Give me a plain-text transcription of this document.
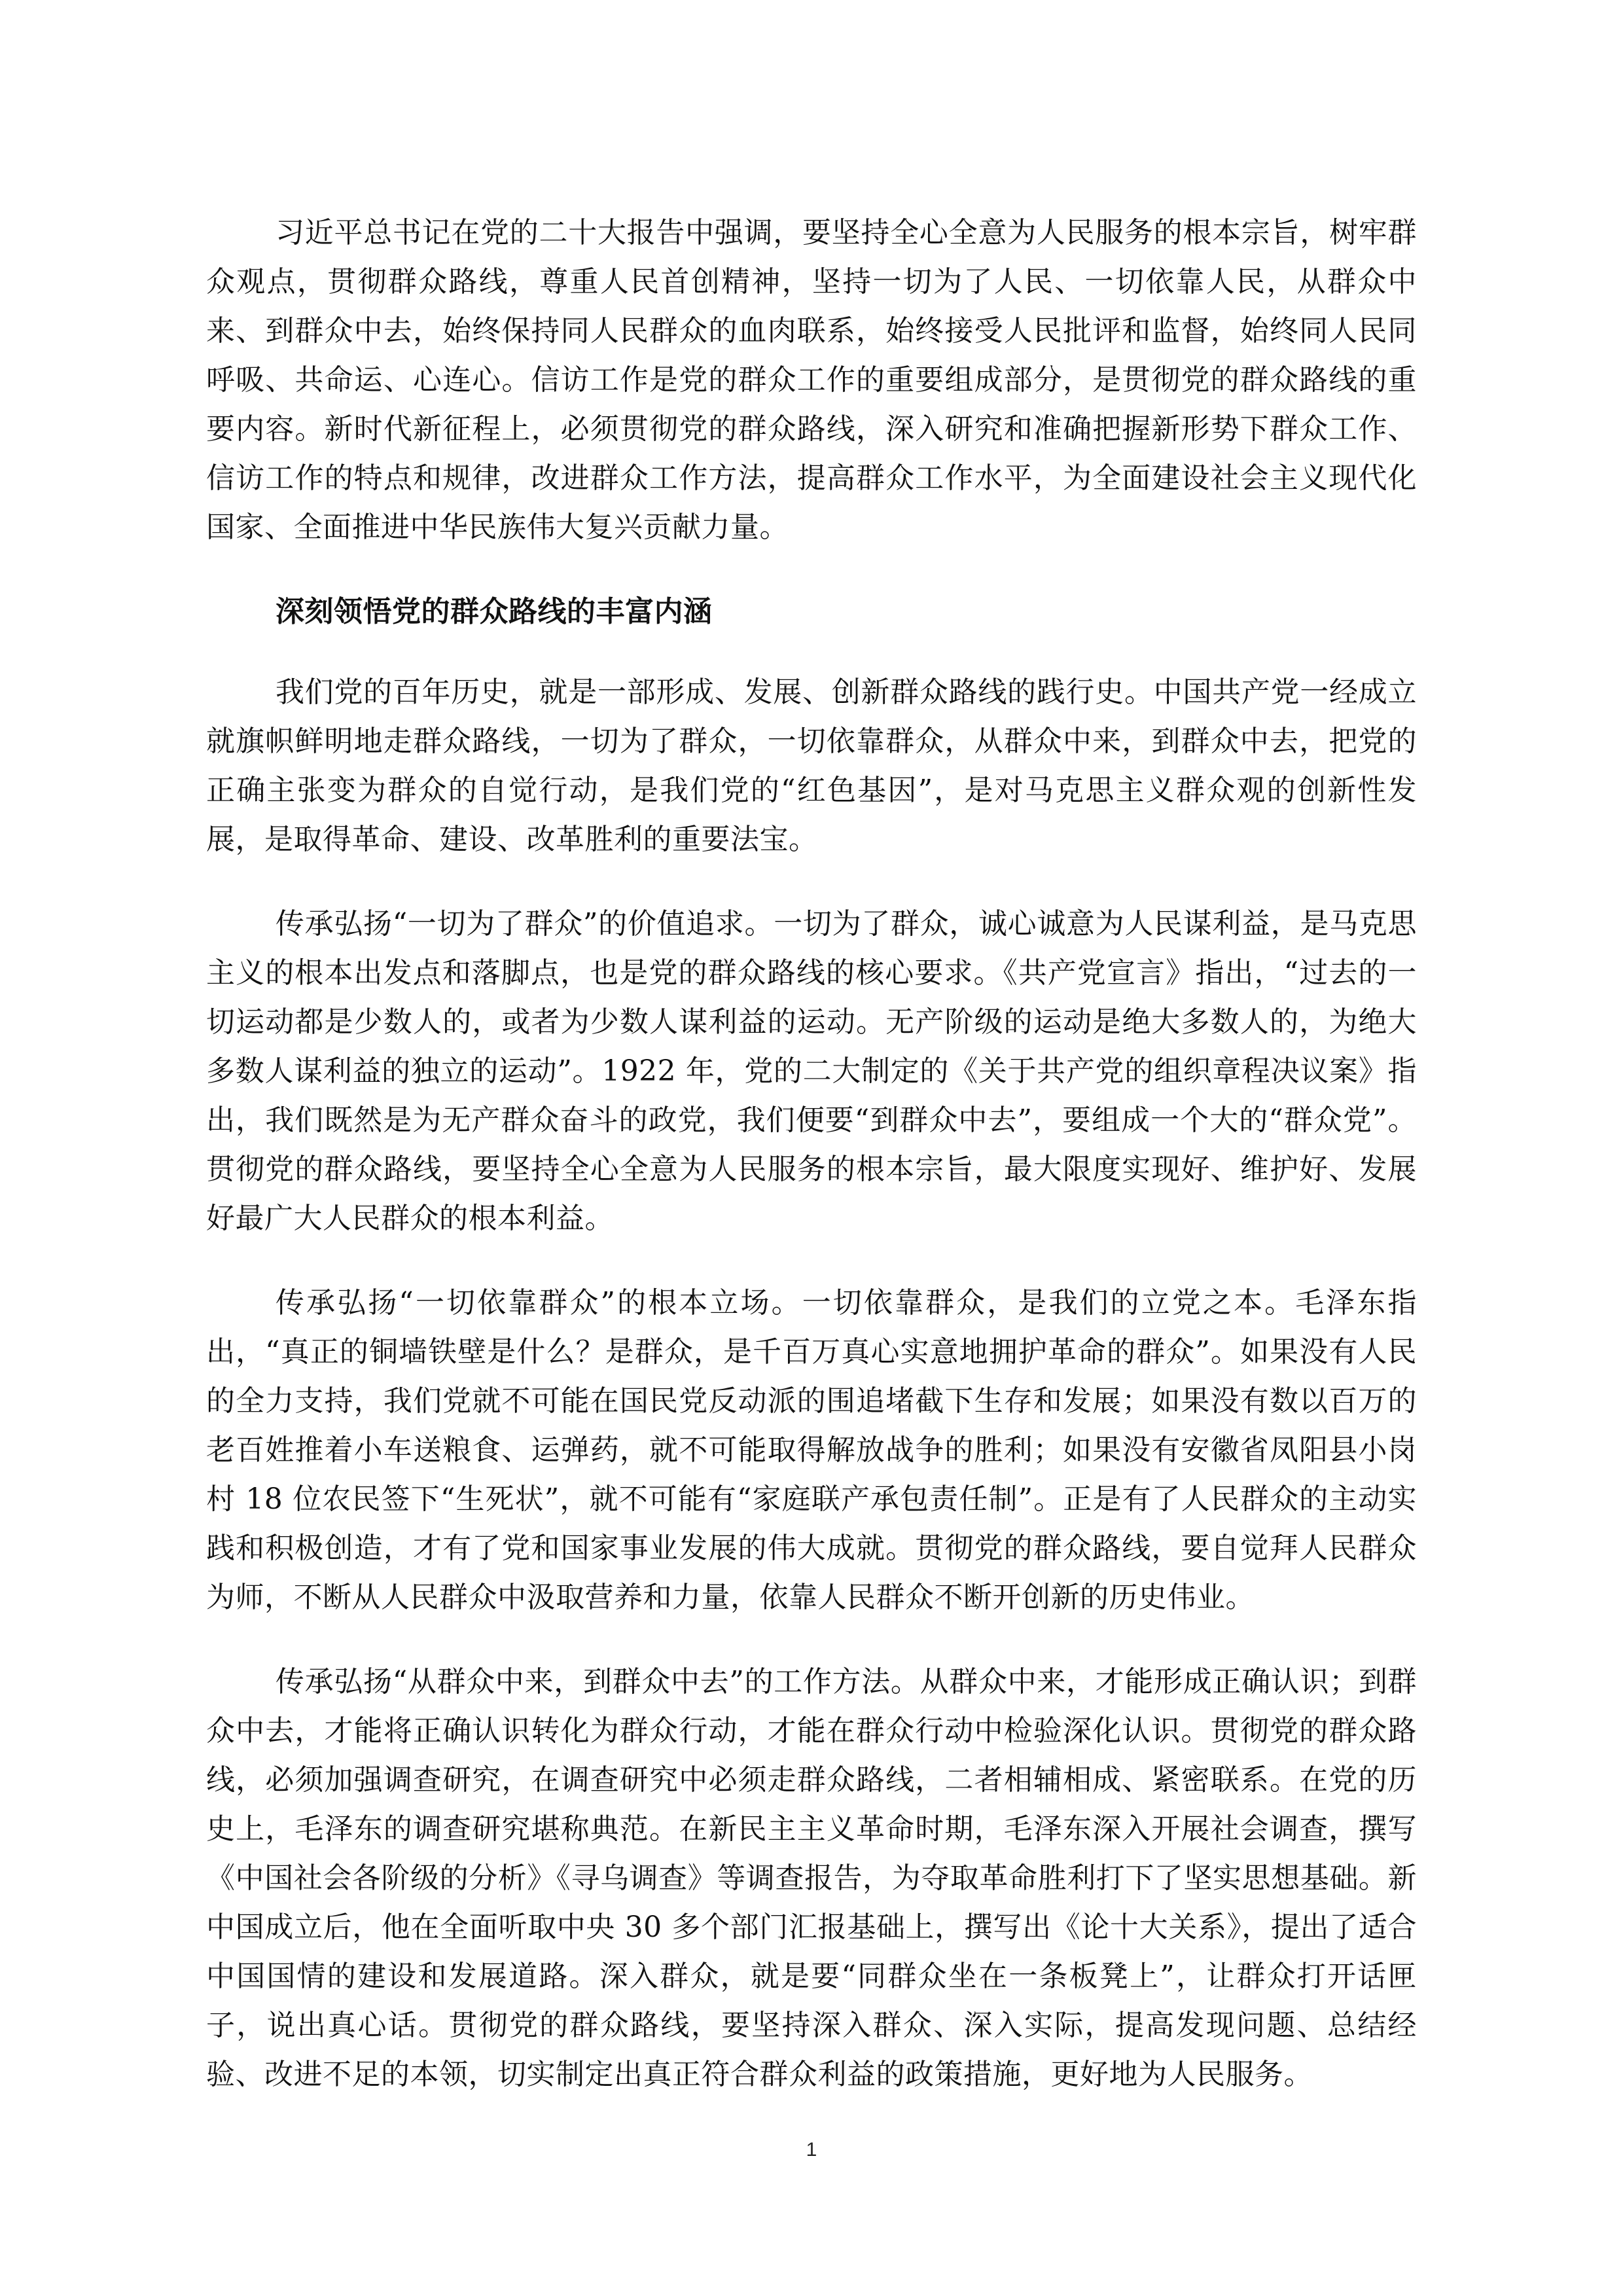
习近平总书记在党的二十大报告中强调，要坚持全心全意为人民服务的根本宗旨，树牢群众观点，贯彻群众路线，尊重人民首创精神，坚持一切为了人民、一切依靠人民，从群众中来、到群众中去，始终保持同人民群众的血肉联系，始终接受人民批评和监督，始终同人民同呼吸、共命运、心连心。信访工作是党的群众工作的重要组成部分，是贯彻党的群众路线的重要内容。新时代新征程上，必须贯彻党的群众路线，深入研究和准确把握新形势下群众工作、信访工作的特点和规律，改进群众工作方法，提高群众工作水平，为全面建设社会主义现代化国家、全面推进中华民族伟大复兴贡献力量。

深刻领悟党的群众路线的丰富内涵

我们党的百年历史，就是一部形成、发展、创新群众路线的践行史。中国共产党一经成立就旗帜鲜明地走群众路线，一切为了群众，一切依靠群众，从群众中来，到群众中去，把党的正确主张变为群众的自觉行动，是我们党的“红色基因”，是对马克思主义群众观的创新性发展，是取得革命、建设、改革胜利的重要法宝。

传承弘扬“一切为了群众”的价值追求。一切为了群众，诚心诚意为人民谋利益，是马克思主义的根本出发点和落脚点，也是党的群众路线的核心要求。《共产党宣言》指出，“过去的一切运动都是少数人的，或者为少数人谋利益的运动。无产阶级的运动是绝大多数人的，为绝大多数人谋利益的独立的运动”。1922 年，党的二大制定的《关于共产党的组织章程决议案》指出，我们既然是为无产群众奋斗的政党，我们便要“到群众中去”，要组成一个大的“群众党”。贯彻党的群众路线，要坚持全心全意为人民服务的根本宗旨，最大限度实现好、维护好、发展好最广大人民群众的根本利益。

传承弘扬“一切依靠群众”的根本立场。一切依靠群众，是我们的立党之本。毛泽东指出，“真正的铜墙铁壁是什么？是群众，是千百万真心实意地拥护革命的群众”。如果没有人民的全力支持，我们党就不可能在国民党反动派的围追堵截下生存和发展；如果没有数以百万的老百姓推着小车送粮食、运弹药，就不可能取得解放战争的胜利；如果没有安徽省凤阳县小岗村 18 位农民签下“生死状”，就不可能有“家庭联产承包责任制”。正是有了人民群众的主动实践和积极创造，才有了党和国家事业发展的伟大成就。贯彻党的群众路线，要自觉拜人民群众为师，不断从人民群众中汲取营养和力量，依靠人民群众不断开创新的历史伟业。

传承弘扬“从群众中来，到群众中去”的工作方法。从群众中来，才能形成正确认识；到群众中去，才能将正确认识转化为群众行动，才能在群众行动中检验深化认识。贯彻党的群众路线，必须加强调查研究，在调查研究中必须走群众路线，二者相辅相成、紧密联系。在党的历史上，毛泽东的调查研究堪称典范。在新民主主义革命时期，毛泽东深入开展社会调查，撰写《中国社会各阶级的分析》《寻乌调查》等调查报告，为夺取革命胜利打下了坚实思想基础。新中国成立后，他在全面听取中央 30 多个部门汇报基础上，撰写出《论十大关系》，提出了适合中国国情的建设和发展道路。深入群众，就是要“同群众坐在一条板凳上”，让群众打开话匣子，说出真心话。贯彻党的群众路线，要坚持深入群众、深入实际，提高发现问题、总结经验、改进不足的本领，切实制定出真正符合群众利益的政策措施，更好地为人民服务。

1
